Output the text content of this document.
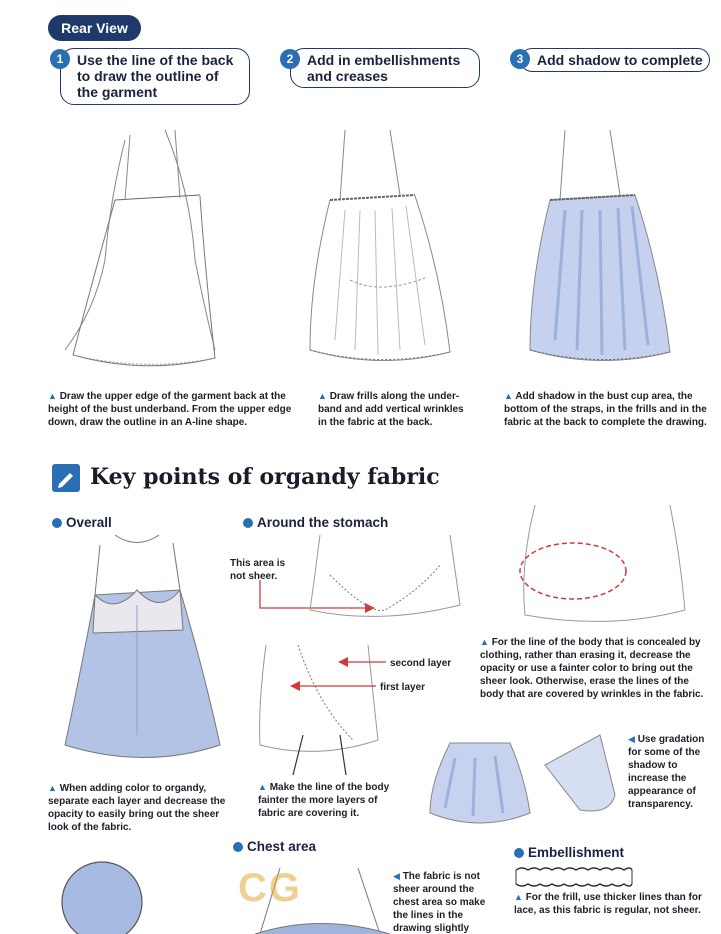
Rear View
1 Use the line of the back to draw the outline of the garment
2 Add in embellishments and creases
3 Add shadow to complete
▲ Draw the upper edge of the garment back at the height of the bust underband. From the upper edge down, draw the outline in an A-line shape.
▲ Draw frills along the under-band and add vertical wrinkles in the fabric at the back.
▲ Add shadow in the bust cup area, the bottom of the straps, in the frills and in the fabric at the back to complete the drawing.
Key points of organdy fabric
Overall
▲ When adding color to organdy, separate each layer and decrease the opacity to easily bring out the sheer look of the fabric.
Around the stomach
This area is not sheer.
▲ For the line of the body that is concealed by clothing, rather than erasing it, decrease the opacity or use a fainter color to bring out the sheer look. Otherwise, erase the lines of the body that are covered by wrinkles in the fabric.
second layer
first layer
▲ Make the line of the body fainter the more layers of fabric are covering it.
◀ Use gradation for some of the shadow to increase the appearance of transparency.
Chest area
CG	◀ The fabric is not sheer around the chest area so make the lines in the drawing slightly
Embellishment
▲ For the frill, use thicker lines than for lace, as this fabric is regular, not sheer.
